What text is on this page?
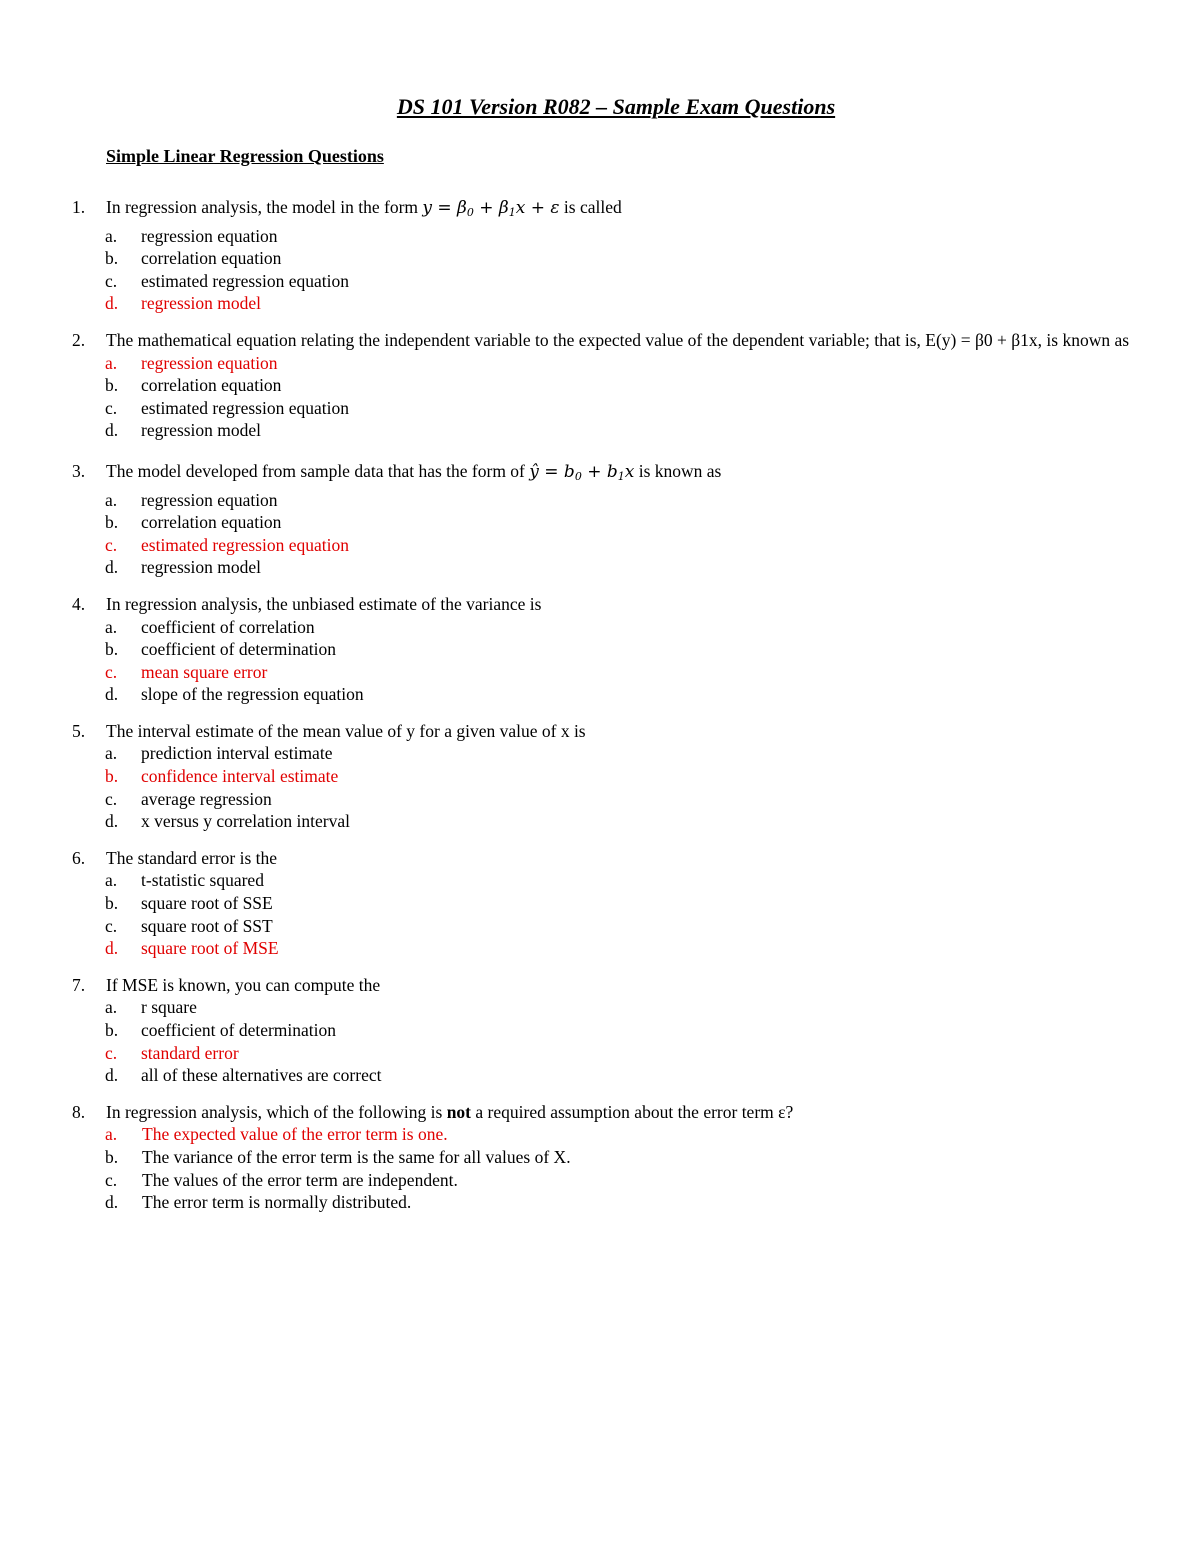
DS 101 Version R082 – Sample Exam Questions
Simple Linear Regression Questions
1. In regression analysis, the model in the form $y = \beta_0 + \beta_1x + \varepsilon$ is called
a. regression equation
b. correlation equation
c. estimated regression equation
d. regression model
2. The mathematical equation relating the independent variable to the expected value of the dependent variable; that is, E(y) = β0 + β1x, is known as
a. regression equation
b. correlation equation
c. estimated regression equation
d. regression model
3. The model developed from sample data that has the form of ŷ = $b_0 + b_1x$ is known as
a. regression equation
b. correlation equation
c. estimated regression equation
d. regression model
4. In regression analysis, the unbiased estimate of the variance is
a. coefficient of correlation
b. coefficient of determination
c. mean square error
d. slope of the regression equation
5. The interval estimate of the mean value of y for a given value of x is
a. prediction interval estimate
b. confidence interval estimate
c. average regression
d. x versus y correlation interval
6. The standard error is the
a. t-statistic squared
b. square root of SSE
c. square root of SST
d. square root of MSE
7. If MSE is known, you can compute the
a. r square
b. coefficient of determination
c. standard error
d. all of these alternatives are correct
8. In regression analysis, which of the following is not a required assumption about the error term ε?
a. The expected value of the error term is one.
b. The variance of the error term is the same for all values of X.
c. The values of the error term are independent.
d. The error term is normally distributed.
